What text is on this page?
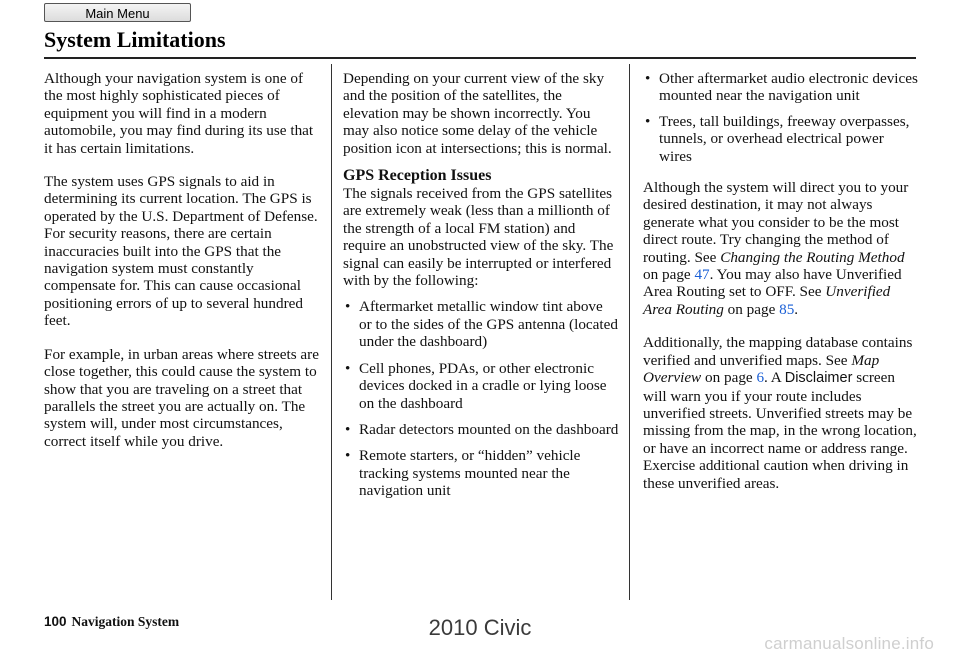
Main Menu
System Limitations

Although your navigation system is one of the most highly sophisticated pieces of equipment you will find in a modern automobile, you may find during its use that it has certain limitations.

The system uses GPS signals to aid in determining its current location. The GPS is operated by the U.S. Department of Defense. For security reasons, there are certain inaccuracies built into the GPS that the navigation system must constantly compensate for. This can cause occasional positioning errors of up to several hundred feet.

For example, in urban areas where streets are close together, this could cause the system to show that you are traveling on a street that parallels the street you are actually on. The system will, under most circumstances, correct itself while you drive.

Depending on your current view of the sky and the position of the satellites, the elevation may be shown incorrectly. You may also notice some delay of the vehicle position icon at intersections; this is normal.

GPS Reception Issues

The signals received from the GPS satellites are extremely weak (less than a millionth of the strength of a local FM station) and require an unobstructed view of the sky. The signal can easily be interrupted or interfered with by the following:

• Aftermarket metallic window tint above or to the sides of the GPS antenna (located under the dashboard)
• Cell phones, PDAs, or other electronic devices docked in a cradle or lying loose on the dashboard
• Radar detectors mounted on the dashboard
• Remote starters, or “hidden” vehicle tracking systems mounted near the navigation unit
• Other aftermarket audio electronic devices mounted near the navigation unit
• Trees, tall buildings, freeway overpasses, tunnels, or overhead electrical power wires

Although the system will direct you to your desired destination, it may not always generate what you consider to be the most direct route. Try changing the method of routing. See Changing the Routing Method on page 47. You may also have Unverified Area Routing set to OFF. See Unverified Area Routing on page 85.

Additionally, the mapping database contains verified and unverified maps. See Map Overview on page 6. A Disclaimer screen will warn you if your route includes unverified streets. Unverified streets may be missing from the map, in the wrong location, or have an incorrect name or address range. Exercise additional caution when driving in these unverified areas.

100 Navigation System	2010 Civic
carmanualsonline.info
